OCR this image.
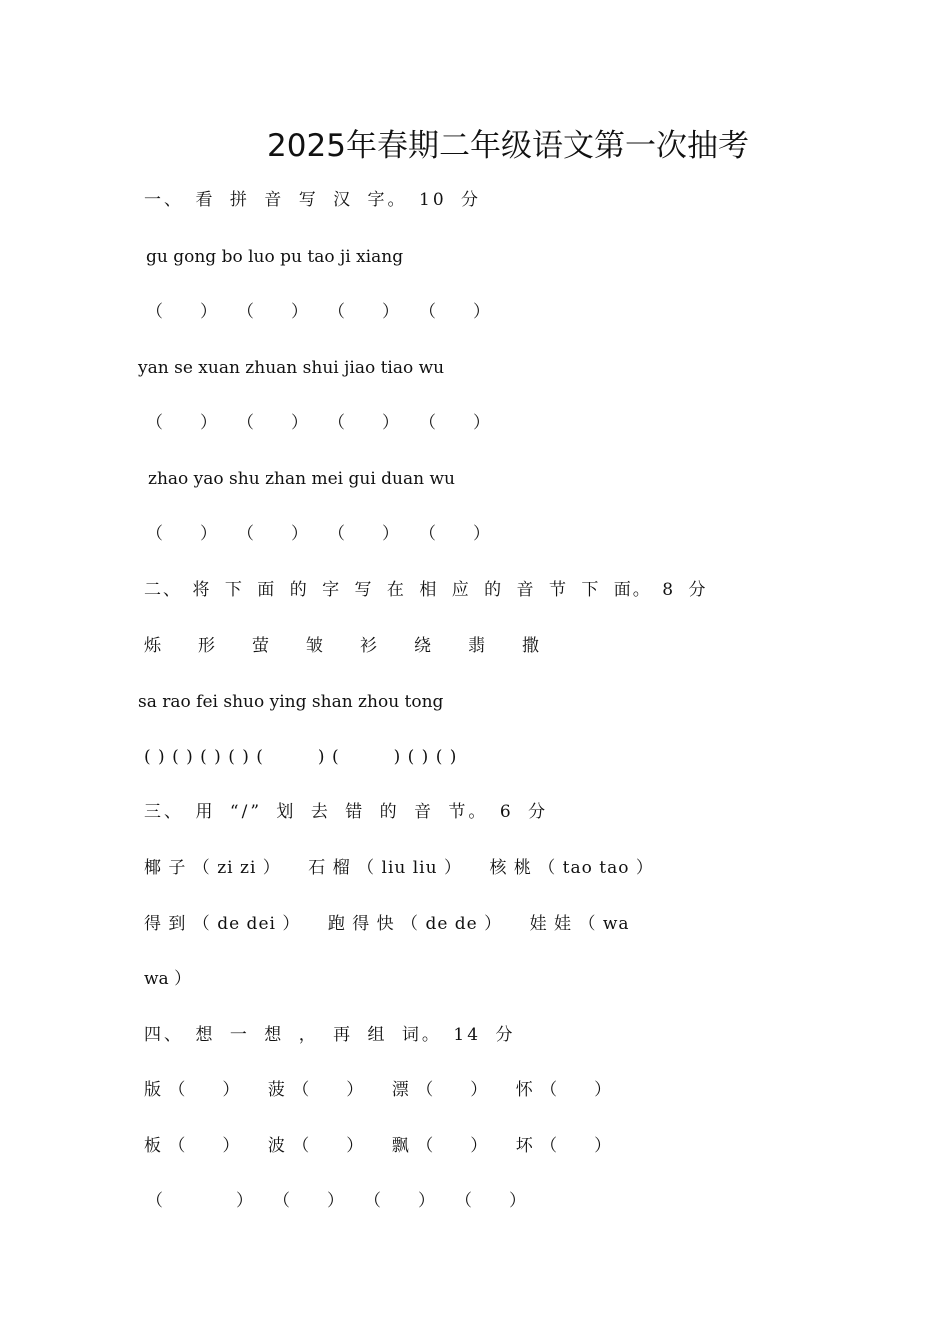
2025年春期二年级语文第一次抽考
一、　看 拼 音 写 汉 字。　10 分
gu gong bo luo pu tao ji xiang
（　　）　　（　　）　　（　　）　　（　　）
yan se xuan zhuan shui jiao tiao wu
（　　）　　（　　）　　（　　）　　（　　）
zhao yao shu zhan mei gui duan wu
（　　）　　（　　）　　（　　）　　（　　）
二、　将 下 面 的 字 写 在 相 应 的 音 节 下 面。　8 分
烁　　形　　萤　　皱　　衫　　绕　　翡　　撒
sa rao fei shuo ying shan zhou tong
( ) ( ) ( ) ( ) (　　　) (　　　) ( ) ( )
三、　用 “/” 划 去 错 的 音 节。　6 分
椰 子 （ zi zi ）　　石 榴 （ liu liu ）　　核 桃 （ tao tao ）
得 到 （ de dei ）　　跑 得 快 （ de de ）　　娃 娃 （ wa
wa ）
四、　想 一 想 ， 再 组 词。　14 分
版 （　　）　　菠 （　　）　　漂 （　　）　　怀 （　　）
板 （　　）　　波 （　　）　　飘 （　　）　　坏 （　　）
（　　　　）　　（　　）　　（　　）　　（　　）
